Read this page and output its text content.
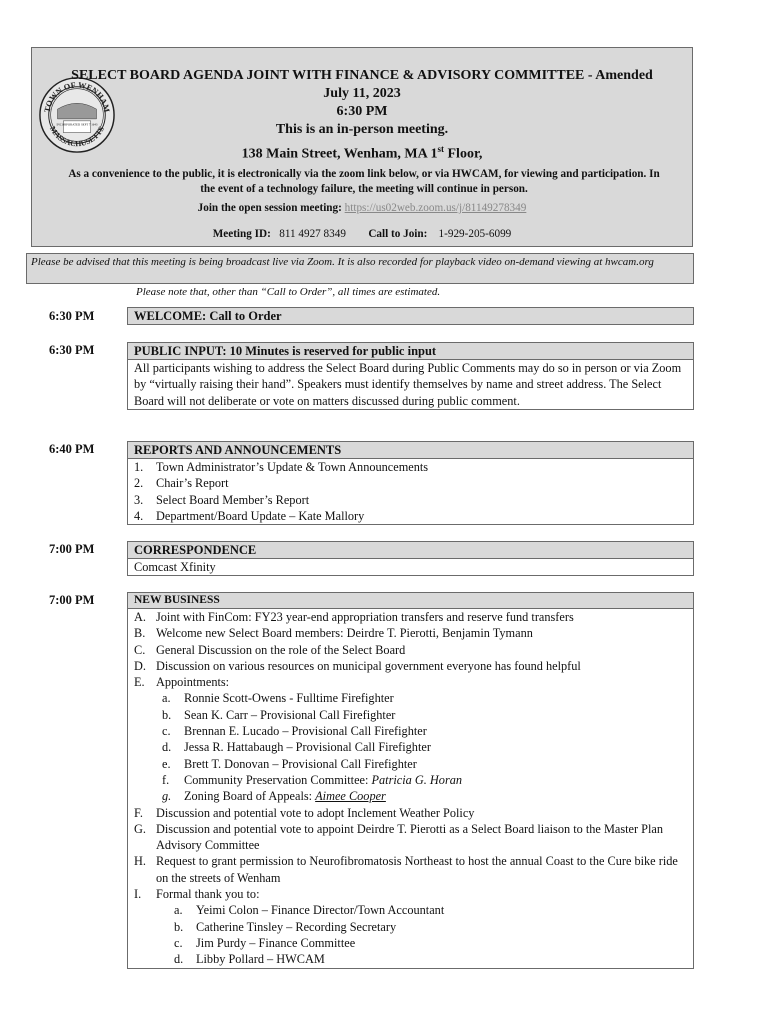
TOWN OF WENHAM
MASSACHUSETTS
INCORPORATED SEPT 7 1643
SELECT BOARD AGENDA JOINT WITH FINANCE & ADVISORY COMMITTEE - Amended
July 11, 2023
6:30 PM
This is an in-person meeting.
138 Main Street, Wenham, MA 1st Floor,
As a convenience to the public, it is electronically via the zoom link below, or via HWCAM, for viewing and participation. In the event of a technology failure, the meeting will continue in person.
Join the open session meeting: https://us02web.zoom.us/j/81149278349
Meeting ID: 811 4927 8349 Call to Join: 1-929-205-6099
Please be advised that this meeting is being broadcast live via Zoom. It is also recorded for playback video on-demand viewing at hwcam.org
Please note that, other than “Call to Order”, all times are estimated.
6:30 PM	WELCOME: Call to Order
6:30 PM	PUBLIC INPUT: 10 Minutes is reserved for public input
All participants wishing to address the Select Board during Public Comments may do so in person or via Zoom by “virtually raising their hand”. Speakers must identify themselves by name and street address. The Select Board will not deliberate or vote on matters discussed during public comment.
6:40 PM	REPORTS AND ANNOUNCEMENTS
1.	Town Administrator’s Update & Town Announcements
2.	Chair’s Report
3.	Select Board Member’s Report
4.	Department/Board Update – Kate Mallory
7:00 PM	CORRESPONDENCE
Comcast Xfinity
7:00 PM	NEW BUSINESS
A. Joint with FinCom: FY23 year-end appropriation transfers and reserve fund transfers
B. Welcome new Select Board members: Deirdre T. Pierotti, Benjamin Tymann
C. General Discussion on the role of the Select Board
D. Discussion on various resources on municipal government everyone has found helpful
E. Appointments:
a.	Ronnie Scott-Owens - Fulltime Firefighter
b.	Sean K. Carr – Provisional Call Firefighter
c.	Brennan E. Lucado – Provisional Call Firefighter
d.	Jessa R. Hattabaugh – Provisional Call Firefighter
e.	Brett T. Donovan – Provisional Call Firefighter
f.	Community Preservation Committee: Patricia G. Horan
g.	Zoning Board of Appeals: Aimee Cooper
F.	Discussion and potential vote to adopt Inclement Weather Policy
G. Discussion and potential vote to appoint Deirdre T. Pierotti as a Select Board liaison to the Master Plan Advisory Committee
H. Request to grant permission to Neurofibromatosis Northeast to host the annual Coast to the Cure bike ride on the streets of Wenham
I.	Formal thank you to:
a.	Yeimi Colon – Finance Director/Town Accountant
b.	Catherine Tinsley – Recording Secretary
c.	Jim Purdy – Finance Committee
d.	Libby Pollard – HWCAM
